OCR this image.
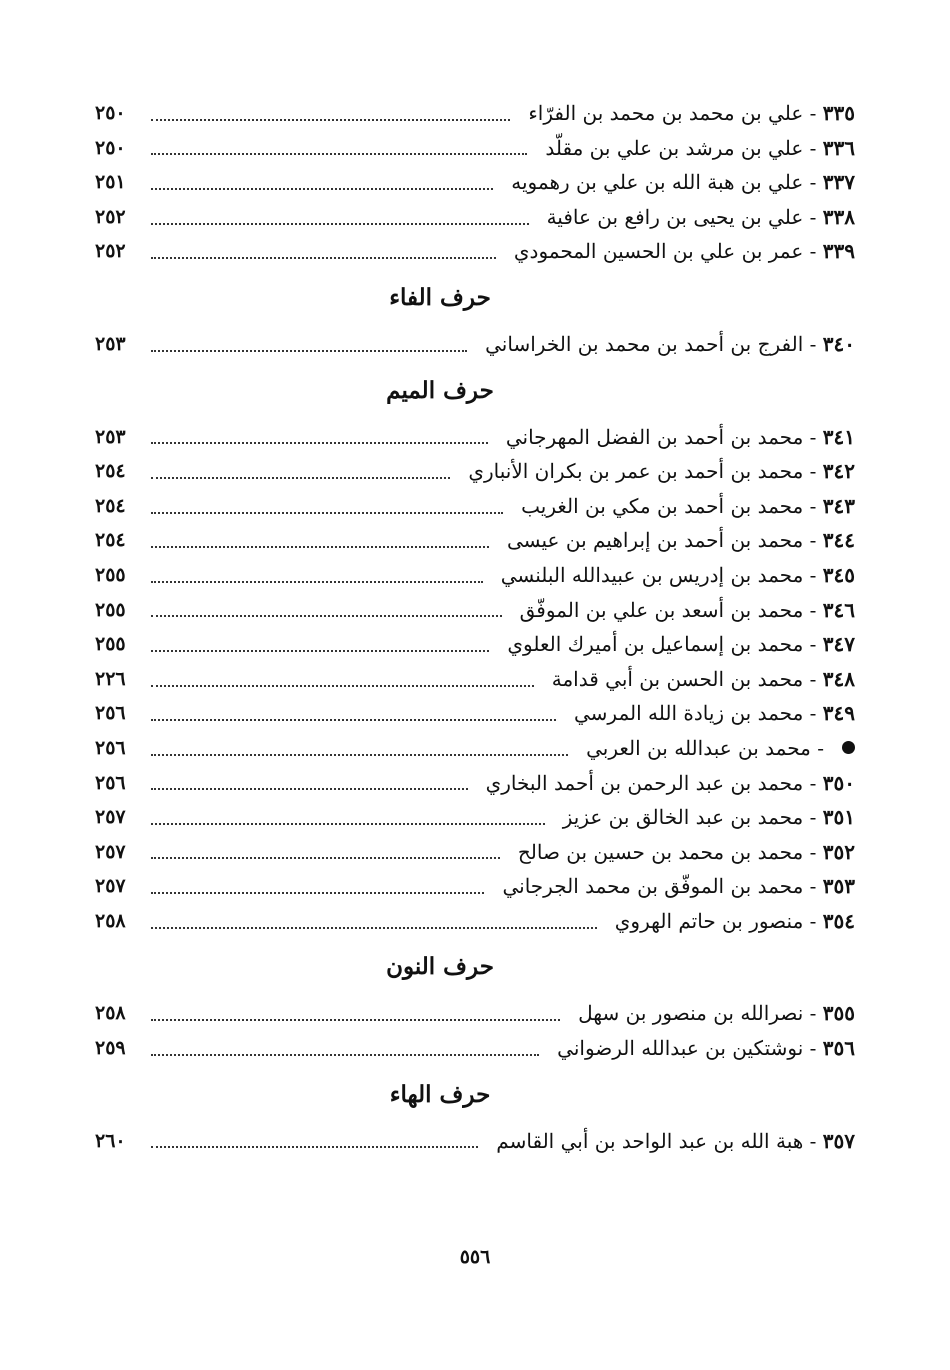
٣٣٥ - علي بن محمد بن محمد بن الفرّاء
٢٥٠
٣٣٦ - علي بن مرشد بن علي بن مقلّد
٢٥٠
٣٣٧ - علي بن هبة الله بن علي بن رهمويه
٢٥١
٣٣٨ - علي بن يحيى بن رافع بن عافية
٢٥٢
٣٣٩ - عمر بن علي بن الحسين المحمودي
٢٥٢
حرف الفاء
٣٤٠ - الفرج بن أحمد بن محمد بن الخراساني
٢٥٣
حرف الميم
٣٤١ - محمد بن أحمد بن الفضل المهرجاني
٢٥٣
٣٤٢ - محمد بن أحمد بن عمر بن بكران الأنباري
٢٥٤
٣٤٣ - محمد بن أحمد بن مكي بن الغريب
٢٥٤
٣٤٤ - محمد بن أحمد بن إبراهيم بن عيسى
٢٥٤
٣٤٥ - محمد بن إدريس بن عبيدالله البلنسي
٢٥٥
٣٤٦ - محمد بن أسعد بن علي بن الموفّق
٢٥٥
٣٤٧ - محمد بن إسماعيل بن أميرك العلوي
٢٥٥
٣٤٨ - محمد بن الحسن بن أبي قدامة
٢٢٦
٣٤٩ - محمد بن زيادة الله المرسي
٢٥٦
- محمد بن عبدالله بن العربي
٢٥٦
٣٥٠ - محمد بن عبد الرحمن بن أحمد البخاري
٢٥٦
٣٥١ - محمد بن عبد الخالق بن عزيز
٢٥٧
٣٥٢ - محمد بن محمد بن حسين بن صالح
٢٥٧
٣٥٣ - محمد بن الموفّق بن محمد الجرجاني
٢٥٧
٣٥٤ - منصور بن حاتم الهروي
٢٥٨
حرف النون
٣٥٥ - نصرالله بن منصور بن سهل
٢٥٨
٣٥٦ - نوشتكين بن عبدالله الرضواني
٢٥٩
حرف الهاء
٣٥٧ - هبة الله بن عبد الواحد بن أبي القاسم
٢٦٠
٥٥٦
